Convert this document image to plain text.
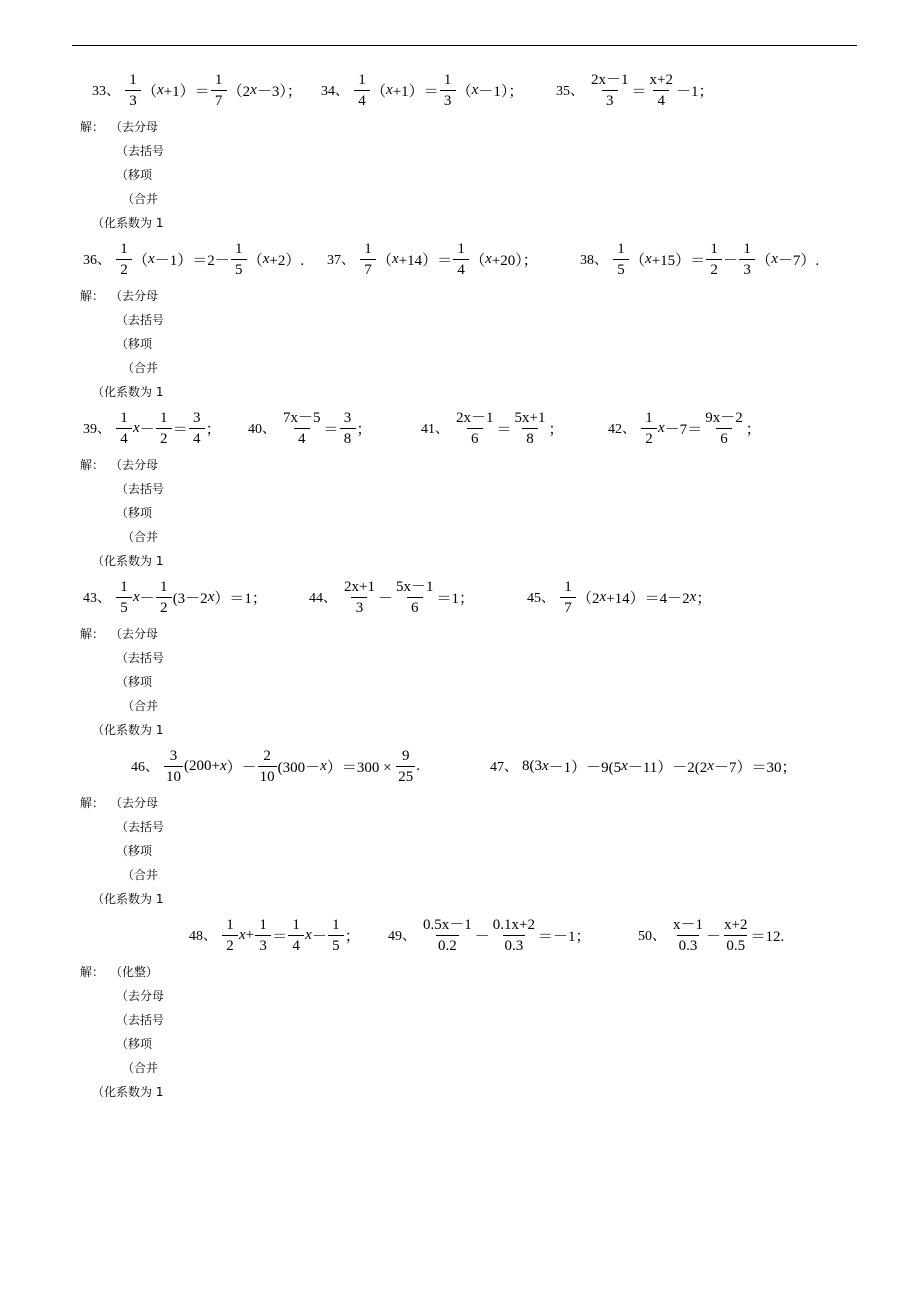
33、 $\frac{1}{3}$ （ $x +1)= \frac{1}{7} (2$ x －3）； 34、 $\frac{1}{4}$ （ $x +1)= \frac{1}{3}$ （ x －1）； 35、 $\frac{2x-1}{3} = \frac{x+2}{4} -1$；
解： （去分母
（去括号
（移项
（合并
（化系数为 1
36、 $\frac{1}{2}$ （ $x -1)=2- \frac{1}{5}$ （ x +2）. 37、 $\frac{1}{7}$ （ $x +14)= \frac{1}{4}$ （ x +20）；	38、 $\frac{1}{5}$ （ $x +15)= \frac{1}{2} - \frac{1}{3}$ （ x －7）.
解： （去分母
（去括号
（移项
（合并
（化系数为 1
39、 $\frac{1}{4}$ $x - \frac{1}{2} = \frac{3}{4}$ ； 40、 $\frac{7x-5}{4} = \frac{3}{8}$ ；	41、 $\frac{2x-1}{6} = \frac{5x+1}{8}$ ；	42、 $\frac{1}{2}$ $x -7= \frac{9x-2}{6}$ ；
解： （去分母
（去括号
（移项
（合并
（化系数为 1
43、 $\frac{1}{5}$ $x - \frac{1}{2} (3-2$ x ）＝1；	44、 $\frac{2x+1}{3} - \frac{5x-1}{6} =1$；	45、 $\frac{1}{7} (2$ x +14）＝4－2 x ；
解： （去分母
（去括号
（移项
（合并
（化系数为 1
46、 $\frac{3}{10} (200+ x$ ）－ $\frac{2}{10} (300- x$ ）$=300 \times \frac{9}{25}$ .	47、 8(3 x －1）－9(5 x －11）－2(2 x －7）＝30；
解： （去分母
（去括号
（移项
（合并
（化系数为 1
48、 $\frac{1}{2}$ $x + \frac{1}{3} = \frac{1}{4}$ $x - \frac{1}{5}$ ； 49、 $\frac{0.5x-1}{0.2} - \frac{0.1x+2}{0.3} =-1$；	50、 $\frac{x-1}{0.3} - \frac{x+2}{0.5} =12$.
解： （化整）
（去分母
（去括号
（移项
（合并
（化系数为 1
